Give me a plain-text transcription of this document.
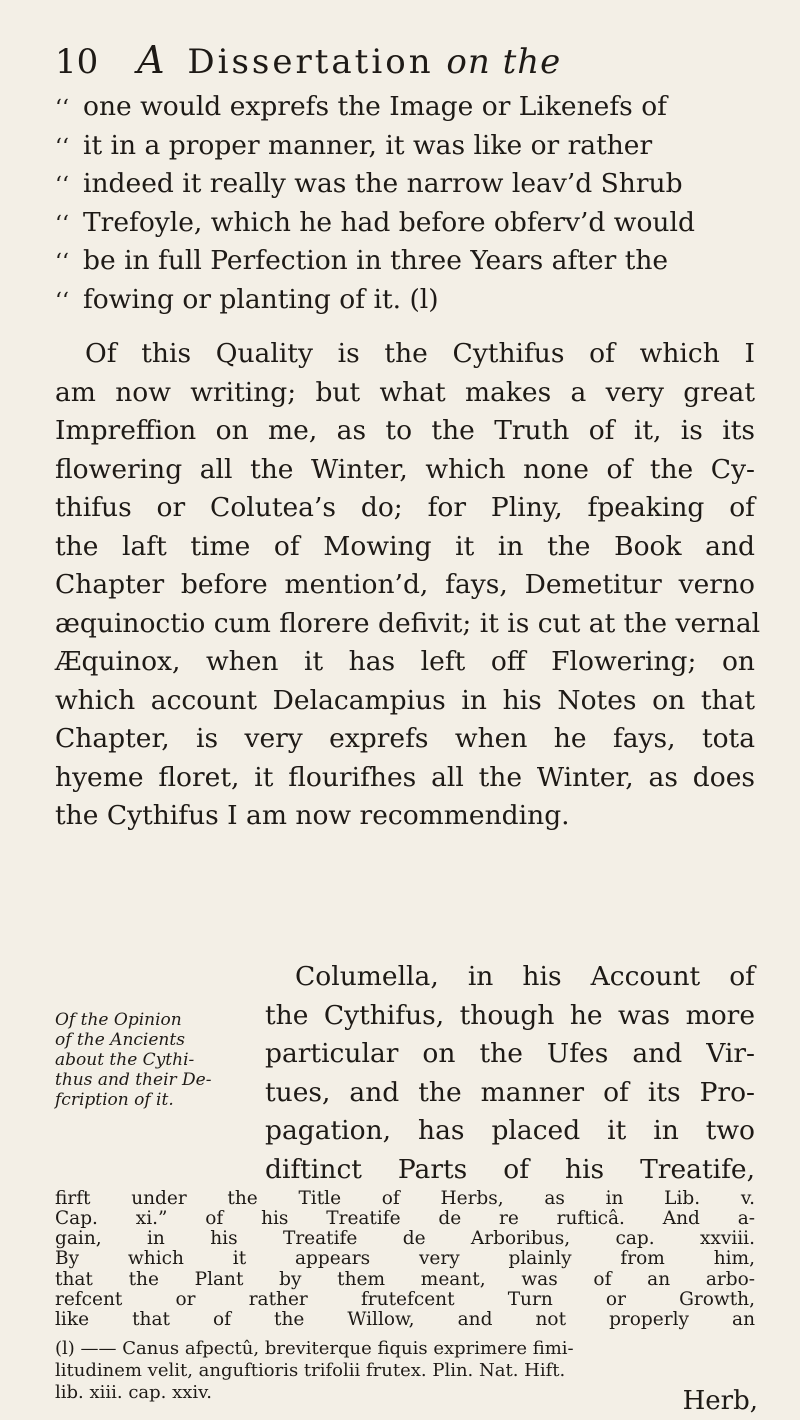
10 A Dissertation on the
‘‘ one would exprefs the Image or Likenefs of
‘‘ it in a proper manner, it was like or rather
‘‘ indeed it really was the narrow leav’d Shrub
‘‘ Trefoyle, which he had before obferv’d would
‘‘ be in full Perfection in three Years after the
‘‘ fowing or planting of it. (l)
Of this Quality is the Cythifus of which I
am now writing; but what makes a very great
Impreffion on me, as to the Truth of it, is its
flowering all the Winter, which none of the Cy-
thifus or Colutea’s do; for Pliny, fpeaking of
the laft time of Mowing it in the Book and
Chapter before mention’d, fays, Demetitur verno
æquinoctio cum florere defivit; it is cut at the vernal
Æquinox, when it has left off Flowering; on
which account Delacampius in his Notes on that
Chapter, is very exprefs when he fays, tota
hyeme floret, it flourifhes all the Winter, as does
the Cythifus I am now recommending.
Of the Opinion
of the Ancients
about the Cythi-
thus and their De-
fcription of it.
Columella, in his Account of
the Cythifus, though he was more
particular on the Ufes and Vir-
tues, and the manner of its Pro-
pagation, has placed it in two
diftinct Parts of his Treatife,
(l) —— Canus afpectû, breviterque fiquis exprimere fimi-
litudinem velit, anguftioris trifolii frutex. Plin. Nat. Hift.
lib. xiii. cap. xxiv.	Herb,
firft under the Title of Herbs, as in Lib. v.
Cap. xi.” of his Treatife de re rufticâ. And a-
gain, in his Treatife de Arboribus, cap. xxviii.
By which it appears very plainly from him,
that the Plant by them meant, was of an arbo-
refcent or rather frutefcent Turn or Growth,
like that of the Willow, and not properly an
